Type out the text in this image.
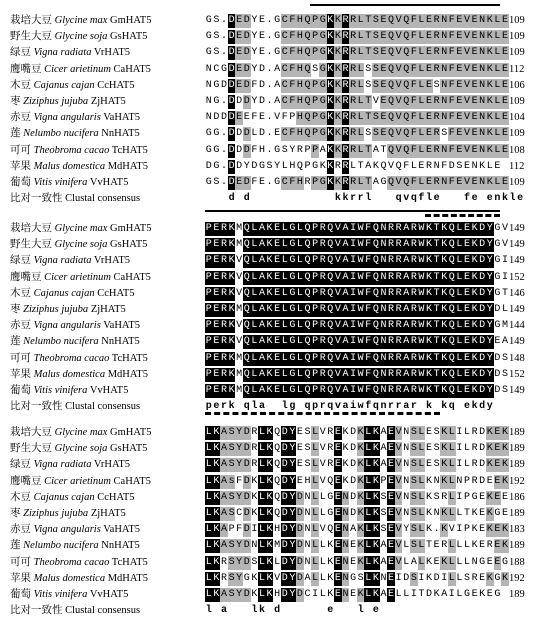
栽培大豆 Glycine max GmHAT5	G S . D E D Y E . G C F H Q P G K K R R L T S E Q V Q F L E R N F E V E N K L E 109
野生大豆 Glycine soja GsHAT5	G S . D E D Y E . G C F H Q P G K K R R L T S E Q V Q F L E R N F E V E N K L E 109
绿豆 Vigna radiata VrHAT5	G S . D E D Y E . G C F H Q P G K K R R L T S E Q V Q F L E R N F E V E N K L E 109
鹰嘴豆 Cicer arietinum CaHAT5	N C G D E D Y D . A C F H Q S G K K R R L S S E Q V Q F L E R N F E V E N K L E 112
木豆 Cajanus cajan CcHAT5	N G D D E D F D . A C F H Q P G K K R R L S S E Q V Q F L E S N F E V E N K L E 106
枣 Ziziphus jujuba ZjHAT5	N G . D D D Y D . A C F H Q P G K K R R L T V E Q V Q F L E R N F E V E N K L E 109
赤豆 Vigna angularis VaHAT5	N D D D E E F E . V F P H Q P G K K R R L T S E Q V Q F L E R N F E V E N K L E 104
莲 Nelumbo nucifera NnHAT5	G G . D D D L D . E C F H Q P G K K R R L S S E Q V Q F L E R S F E V E N K L E 109
可可 Theobroma cacao TcHAT5	G G . D D D F H . G S Y R P P A K K R R L T A T Q V Q F L E R N F E V E N K L E 108
苹果 Malus domestica MdHAT5	D G . D D Y D G S Y L H Q P G K K R R L T A K Q V Q F L E R N F D S E N K L E 112
葡萄 Vitis vinifera VvHAT5	G S . D E D F E . G C F H R P G K K R R L T A G Q V Q F L E R N F E V E N K L E 109
比对一致性 Clustal consensus	d d	k k r r l q v q f l e f e e n k l e
栽培大豆 Glycine max GmHAT5	P E R K M Q L A K E L G L Q P R Q V A I W F Q N R R A R W K T K Q L E K D Y G V 149
野生大豆 Glycine soja GsHAT5	P E R K M Q L A K E L G L Q P R Q V A I W F Q N R R A R W K T K Q L E K D Y G V 149
绿豆 Vigna radiata VrHAT5	P E R K V Q L A K E L G L Q P R Q V A I W F Q N R R A R W K T K Q L E K D Y G I 149
鹰嘴豆 Cicer arietinum CaHAT5	P E R K V Q L A K E L G L Q P R Q V A I W F Q N R R A R W K T K Q L E K D Y G I 152
木豆 Cajanus cajan CcHAT5	P E R K V Q L A K E L G L Q P R Q V A I W F Q N R R A R W K T K Q L E K D Y G T 146
枣 Ziziphus jujuba ZjHAT5	P E R K M Q L A K E L G L Q P R Q V A I W F Q N R R A R W K T K Q L E K D Y D L 149
赤豆 Vigna angularis VaHAT5	P E R K V Q L A K E L G L Q P R Q V A I W F Q N R R A R W K T K Q L E K D Y G M 144
莲 Nelumbo nucifera NnHAT5	P E R K V Q L A K E L G L Q P R Q V A I W F Q N R R A R W K T K Q L E K D Y E A 149
可可 Theobroma cacao TcHAT5	P E R K M Q L A K E L G L Q P R Q V A I W F Q N R R A R W K T K Q L E K D Y D S 148
苹果 Malus domestica MdHAT5	P E R K M Q L A K E L G L Q P R Q V A I W F Q N R R A R W K T K Q L E K D Y D S 152
葡萄 Vitis vinifera VvHAT5	P E R K M Q L A K E L G L Q P R Q V A I W F Q N R R A R W K T K Q L E K D Y D S 149
比对一致性 Clustal consensus	p e r k q l a l g q p r q v a i w f q n r r a r k k q e k d y
栽培大豆 Glycine max GmHAT5	L K A S Y D R L K Q D Y E S L V R E K D K L K A E V N S L E S K L I L R D K E K 189
野生大豆 Glycine soja GsHAT5	L K A S Y D R L K Q D Y E S L V R E K D K L K A E V N S L E S K L I L R D K E K 189
绿豆 Vigna radiata VrHAT5	L K A S Y D R L K Q D Y E S L V R E K D K L K A E V N S L E S K L I L R D K E K 189
鹰嘴豆 Cicer arietinum CaHAT5	L K A s F D K L K Q D Y E H L V Q E K D K L K P E V N S L K N K L N P R D E E K 192
木豆 Cajanus cajan CcHAT5	L K A S Y D K L K Q D Y D N L L G E N D K L K S E V N S L K S R L I P G E K E E 186
枣 Ziziphus jujuba ZjHAT5	L K A S C D K L K Q D Y D N L L G E N D K L K S E V N S L K N K L L T K E K G E 189
赤豆 Vigna angularis VaHAT5	L K A P F D I L K H D Y D N L V Q E N A K L K S E V Y S L K . K V I P K E K E K 183
莲 Nelumbo nucifera NnHAT5	L K A S Y D N L K M D Y D N L L K E N E K L K A E V L S L T E R L L L K E R E K 189
可可 Theobroma cacao TcHAT5	L K R S Y D S L K L D Y D N L L K E N E K L K A E V L A L K E K L L L N G E E G 188
苹果 Malus domestica MdHAT5	L K R S Y G K L K V D Y D A L L K E N G S L K N E I D S I K D I L L S R E K G K 192
葡萄 Vitis vinifera VvHAT5	L K A S Y D K L K H D Y D C I L K E N E K L K A E L L I T D K A I L G E K E G 189
比对一致性 Clustal consensus	l a l k d	e l e
